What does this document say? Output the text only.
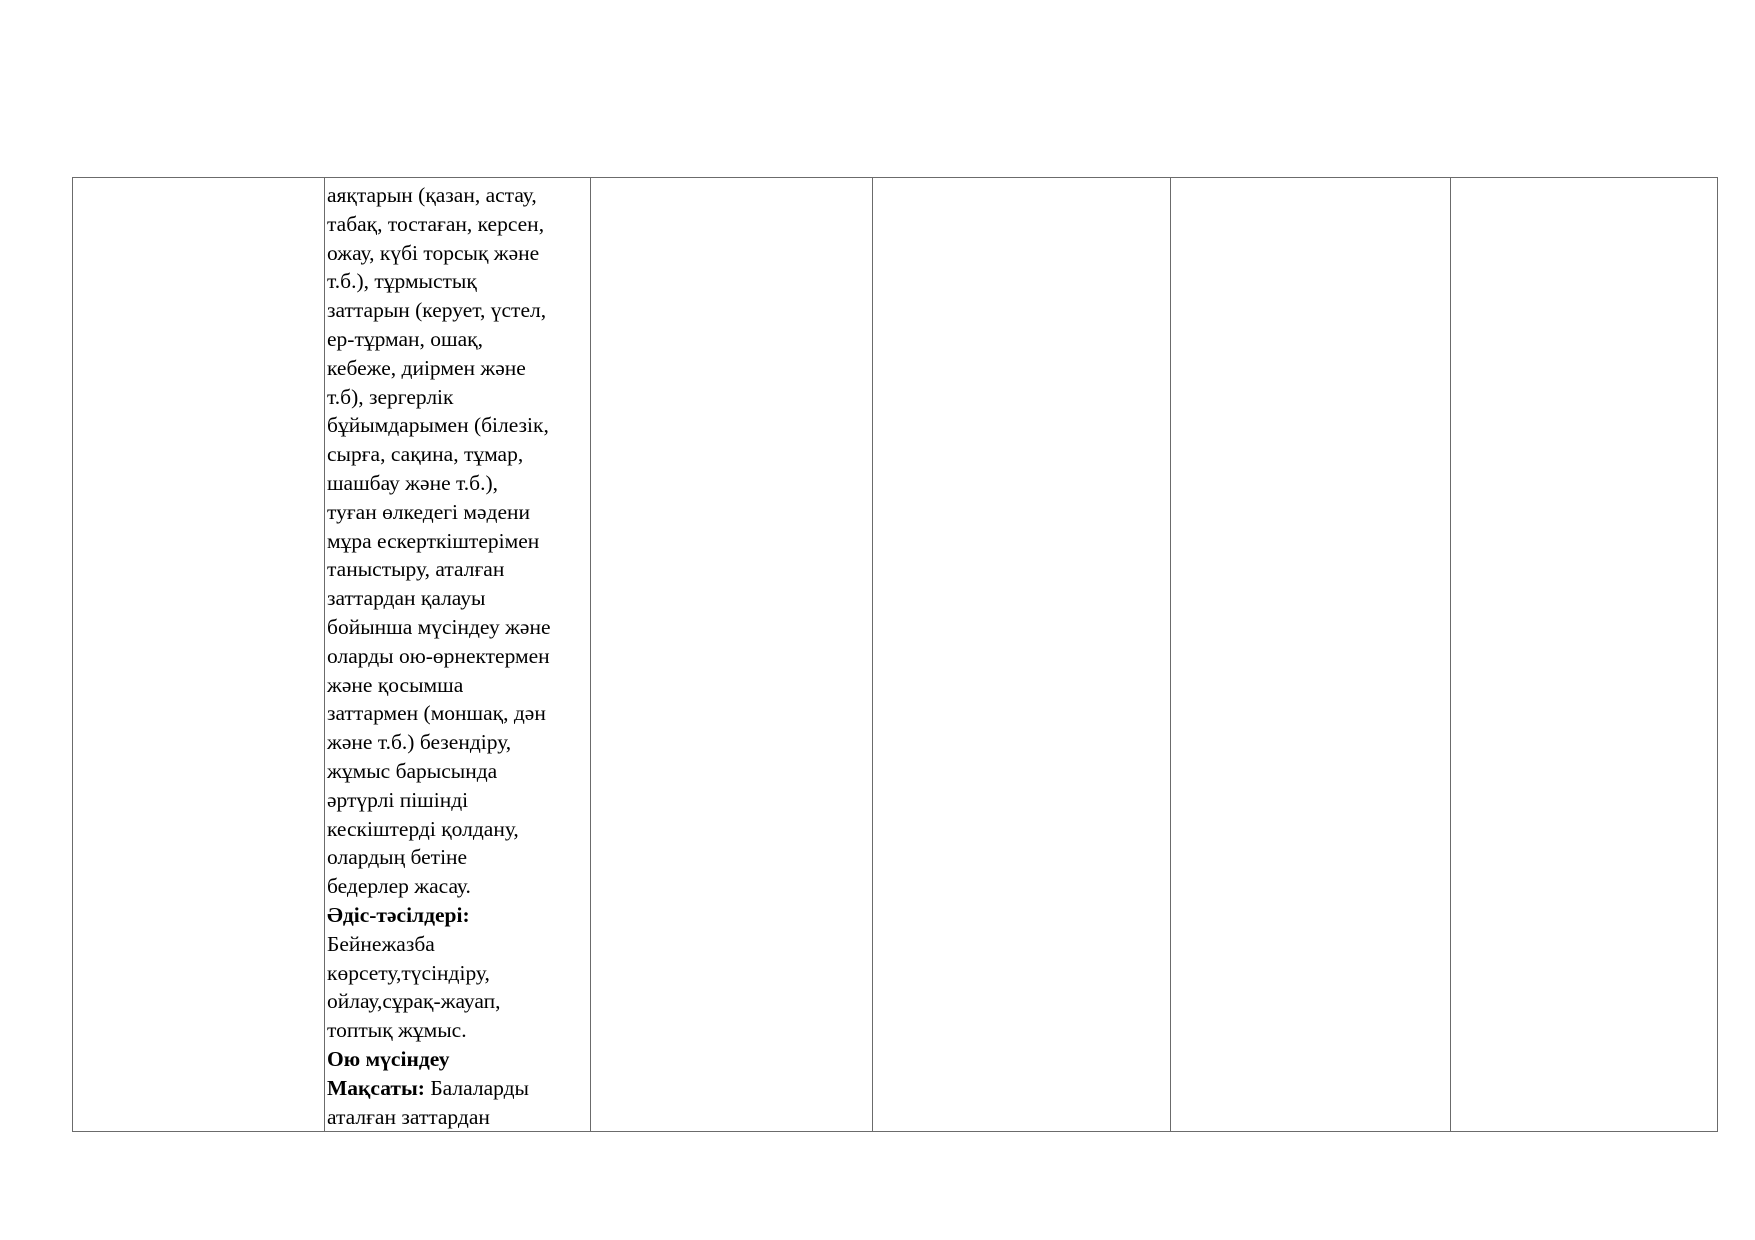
аяқтарын (қазан, астау,
табақ, тостаған, керсен,
ожау, күбі торсық және
т.б.), тұрмыстық
заттарын (керует, үстел,
ер-тұрман, ошақ,
кебеже, диірмен және
т.б), зергерлік
бұйымдарымен (білезік,
сырға, сақина, тұмар,
шашбау және т.б.),
туған өлкедегі мәдени
мұра ескерткіштерімен
таныстыру, аталған
заттардан қалауы
бойынша мүсіндеу және
оларды ою-өрнектермен
және қосымша
заттармен (моншақ, дән
және т.б.) безендіру,
жұмыс барысында
әртүрлі пішінді
кескіштерді қолдану,
олардың бетіне
бедерлер жасау.
Әдіс-тәсілдері:
Бейнежазба
көрсету,түсіндіру,
ойлау,сұрақ-жауап,
топтық жұмыс.
Ою мүсіндеу
Мақсаты: Балаларды
аталған заттардан
